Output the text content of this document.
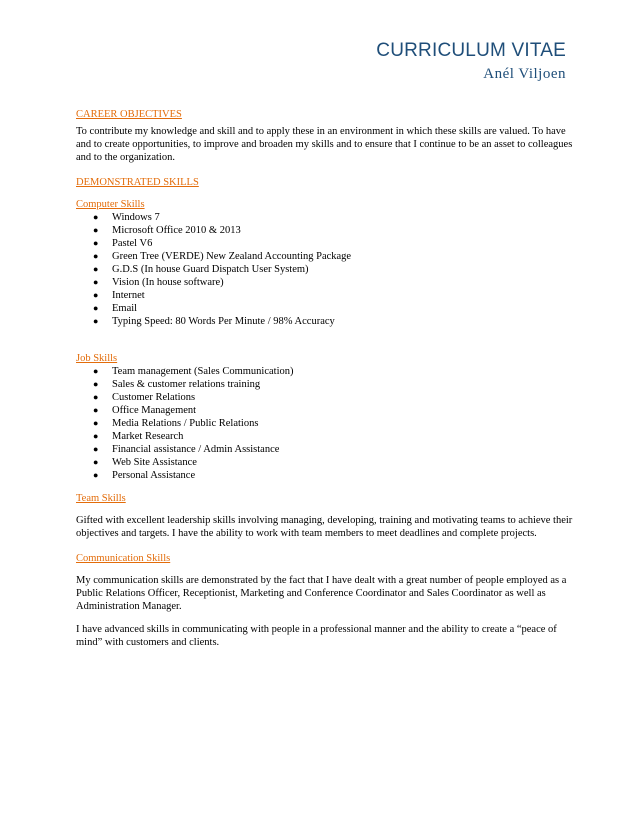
CURRICULUM VITAE
Anél Viljoen

CAREER OBJECTIVES

To contribute my knowledge and skill and to apply these in an environment in which these skills are valued. To have and to create opportunities, to improve and broaden my skills and to ensure that I continue to be an asset to colleagues and to the organization.

DEMONSTRATED SKILLS

Computer Skills

● Windows 7
● Microsoft Office 2010 & 2013
● Pastel V6
● Green Tree (VERDE) New Zealand Accounting Package
● G.D.S (In house Guard Dispatch User System)
● Vision (In house software)
● Internet
● Email
● Typing Speed: 80 Words Per Minute / 98% Accuracy

Job Skills

● Team management (Sales Communication)
● Sales & customer relations training
● Customer Relations
● Office Management
● Media Relations / Public Relations
● Market Research
● Financial assistance / Admin Assistance
● Web Site Assistance
● Personal Assistance

Team Skills

Gifted with excellent leadership skills involving managing, developing, training and motivating teams to achieve their objectives and targets. I have the ability to work with team members to meet deadlines and complete projects.

Communication Skills

My communication skills are demonstrated by the fact that I have dealt with a great number of people employed as a Public Relations Officer, Receptionist, Marketing and Conference Coordinator and Sales Coordinator as well as Administration Manager.

I have advanced skills in communicating with people in a professional manner and the ability to create a “peace of mind” with customers and clients.
